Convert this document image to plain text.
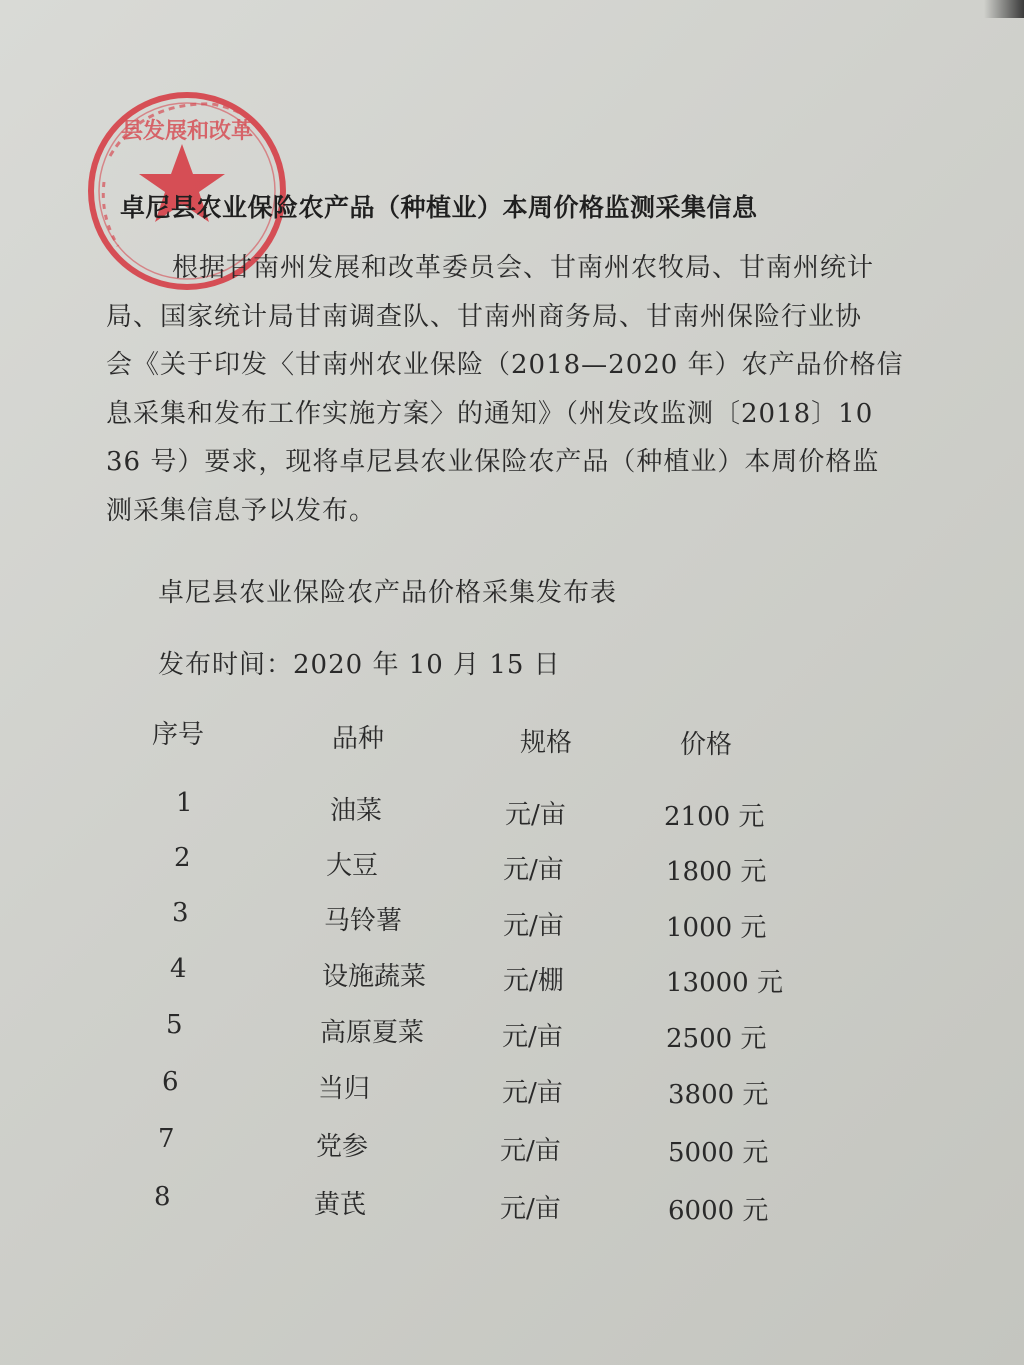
县发展和改革
卓尼县农业保险农产品（种植业）本周价格监测采集信息
根据甘南州发展和改革委员会、甘南州农牧局、甘南州统计
局、国家统计局甘南调查队、甘南州商务局、甘南州保险行业协
会《关于印发〈甘南州农业保险（2018—2020 年）农产品价格信
息采集和发布工作实施方案〉的通知》（州发改监测〔2018〕10
36 号）要求，现将卓尼县农业保险农产品（种植业）本周价格监
测采集信息予以发布。
卓尼县农业保险农产品价格采集发布表
发布时间：2020 年 10 月 15 日
序号	品种	规格	价格
1	油菜	元/亩	2100 元
2	大豆	元/亩	1800 元
3	马铃薯	元/亩	1000 元
4	设施蔬菜	元/棚	13000 元
5	高原夏菜	元/亩	2500 元
6	当归	元/亩	3800 元
7	党参	元/亩	5000 元
8	黄芪	元/亩	6000 元
